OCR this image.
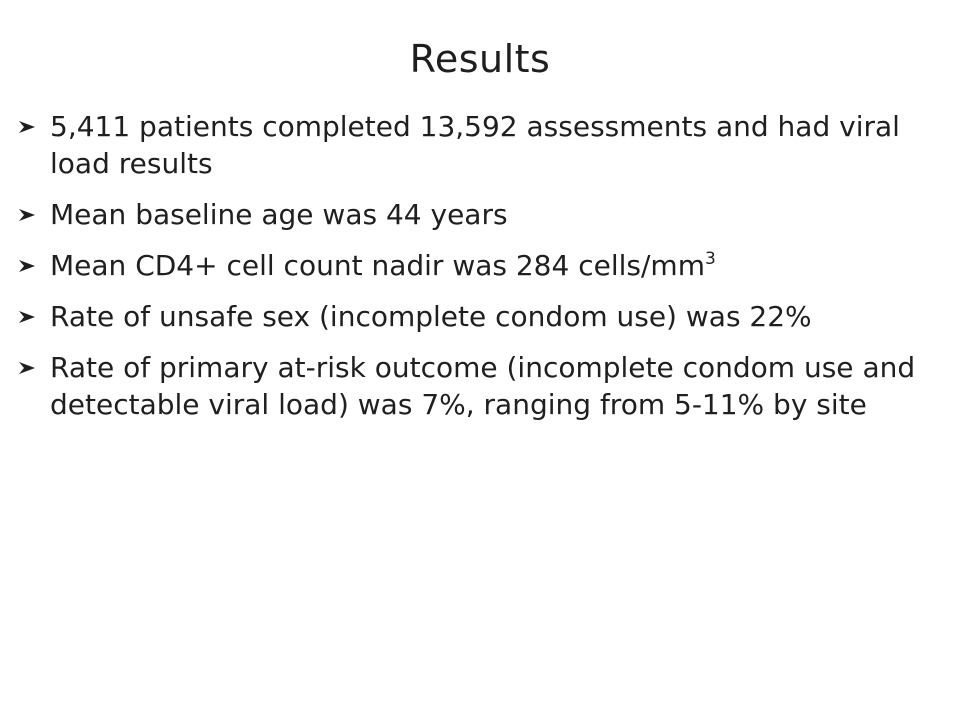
Results
5,411 patients completed 13,592 assessments and had viral load results
Mean baseline age was 44 years
Mean CD4+ cell count nadir was 284 cells/$mm^3$
Rate of unsafe sex (incomplete condom use) was 22%
Rate of primary at-risk outcome (incomplete condom use and detectable viral load) was 7%, ranging from 5-11% by site
